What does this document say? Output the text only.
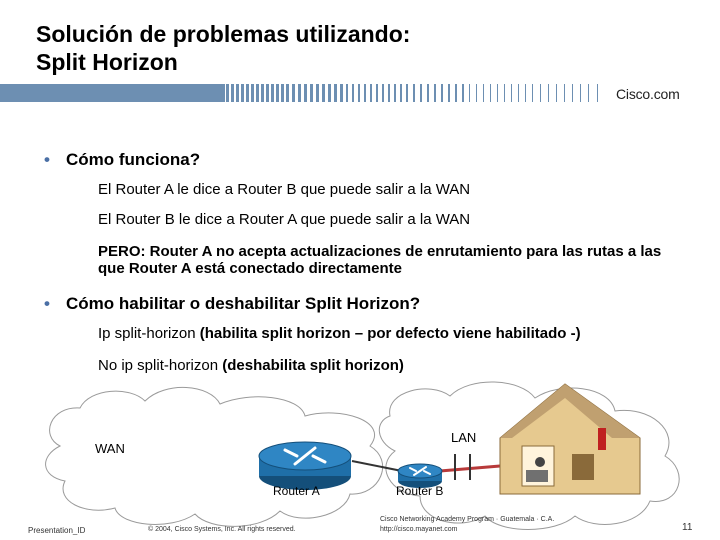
Solución de problemas utilizando:
Split Horizon
Cisco.com
• Cómo funciona?
El Router A le dice a Router B que puede salir a la WAN
El Router B le dice a Router A que puede salir a la WAN
PERO: Router A no acepta actualizaciones de enrutamiento para las rutas a las que Router A está conectado directamente
• Cómo habilitar o deshabilitar Split Horizon?
Ip split-horizon (habilita split horizon – por defecto viene habilitado -)
No ip split-horizon (deshabilita split horizon)
WAN
LAN
Router A	Router B
Presentation_ID	© 2004, Cisco Systems, Inc. All rights reserved.
Cisco Networking Academy Program · Guatemala · C.A.
http://cisco.mayanet.com	11
